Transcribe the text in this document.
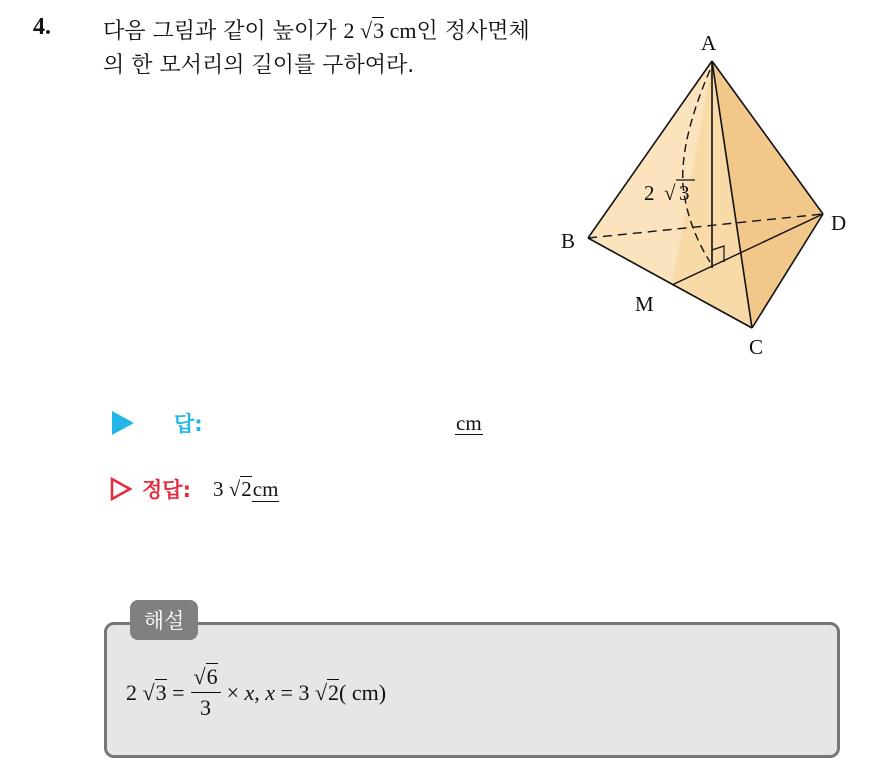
4. 다음 그림과 같이 높이가 2 √3 cm인 정사면체의 한 모서리의 길이를 구하여라.
A
B
C
D
M
2 √ 3
답:	cm
정답: 3 √2cm
해설
2
√3
= $\frac{√6}{3}$ ×
x ,
x
=
3
√2 ( cm)
